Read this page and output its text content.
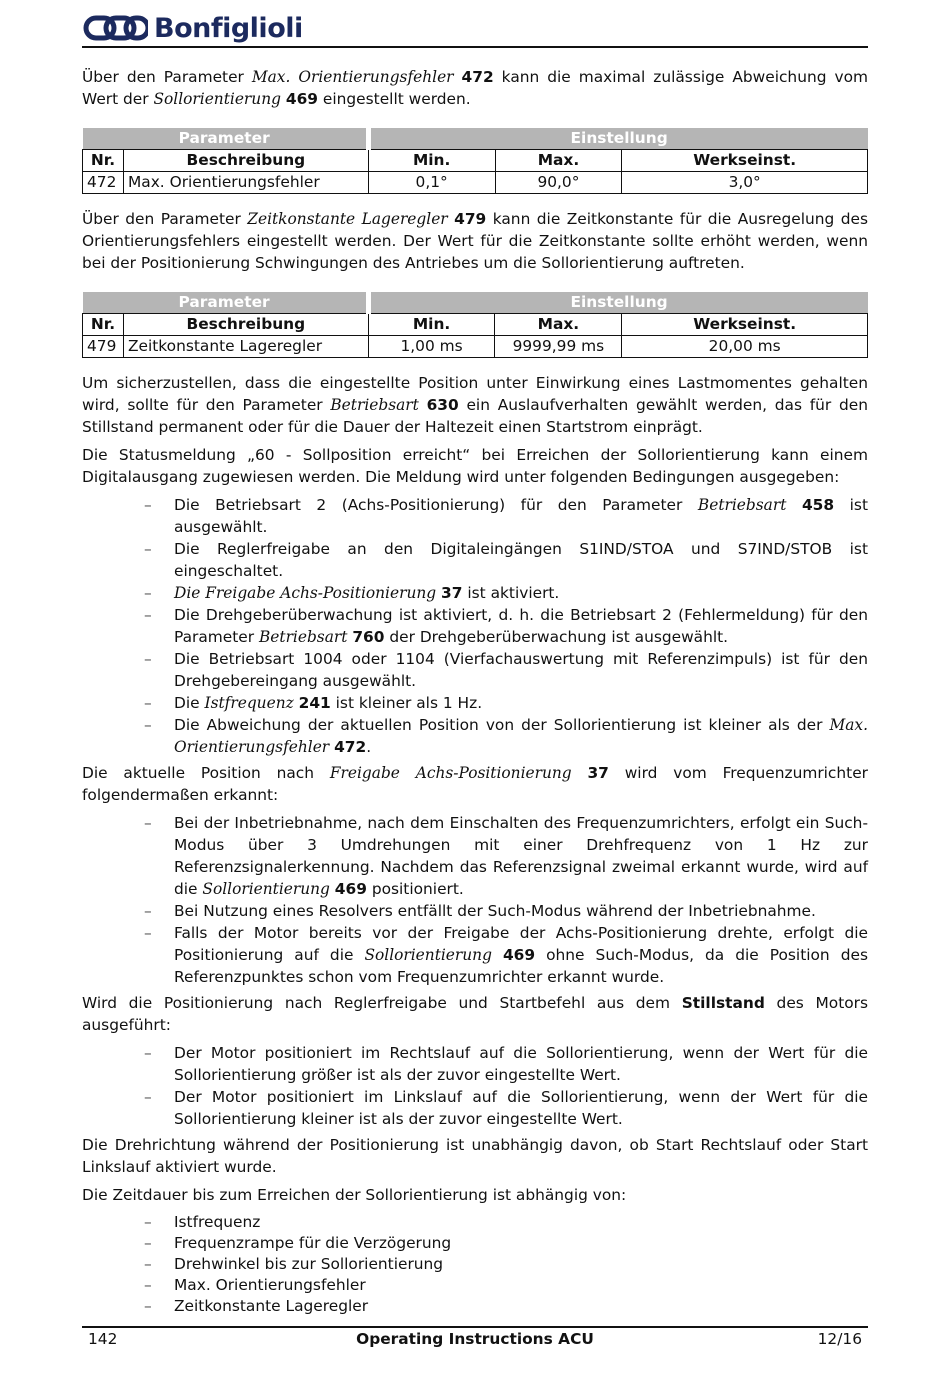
Bonfiglioli

Über den Parameter Max. Orientierungsfehler 472 kann die maximal zulässige Abweichung vom Wert der Sollorientierung 469 eingestellt werden.

Parameter		Einstellung		
Nr.	Beschreibung	Min.	Max.	Werkseinst.
472	Max. Orientierungsfehler	0,1°	90,0°	3,0°

Über den Parameter Zeitkonstante Lageregler 479 kann die Zeitkonstante für die Ausregelung des Orientierungsfehlers eingestellt werden. Der Wert für die Zeitkonstante sollte erhöht werden, wenn bei der Positionierung Schwingungen des Antriebes um die Sollorientierung auftreten.

Parameter		Einstellung		
Nr.	Beschreibung	Min.	Max.	Werkseinst.
479	Zeitkonstante Lageregler	1,00 ms	9999,99 ms	20,00 ms

Um sicherzustellen, dass die eingestellte Position unter Einwirkung eines Lastmomentes gehalten wird, sollte für den Parameter Betriebsart 630 ein Auslaufverhalten gewählt werden, das für den Stillstand permanent oder für die Dauer der Haltezeit einen Startstrom einprägt.

Die Statusmeldung „60 - Sollposition erreicht“ bei Erreichen der Sollorientierung kann einem Digitalausgang zugewiesen werden. Die Meldung wird unter folgenden Bedingungen ausgegeben:

– Die Betriebsart 2 (Achs-Positionierung) für den Parameter Betriebsart 458 ist ausgewählt.
– Die Reglerfreigabe an den Digitaleingängen S1IND/STOA und S7IND/STOB ist eingeschaltet.
– Die Freigabe Achs-Positionierung 37 ist aktiviert.
– Die Drehgeberüberwachung ist aktiviert, d. h. die Betriebsart 2 (Fehlermeldung) für den Parameter Betriebsart 760 der Drehgeberüberwachung ist ausgewählt.
– Die Betriebsart 1004 oder 1104 (Vierfachauswertung mit Referenzimpuls) ist für den Drehgebereingang ausgewählt.
– Die Istfrequenz 241 ist kleiner als 1 Hz.
– Die Abweichung der aktuellen Position von der Sollorientierung ist kleiner als der Max. Orientierungsfehler 472.

Die aktuelle Position nach Freigabe Achs-Positionierung 37 wird vom Frequenzumrichter folgendermaßen erkannt:

– Bei der Inbetriebnahme, nach dem Einschalten des Frequenzumrichters, erfolgt ein Such-Modus über 3 Umdrehungen mit einer Drehfrequenz von 1 Hz zur Referenzsignalerkennung. Nachdem das Referenzsignal zweimal erkannt wurde, wird auf die Sollorientierung 469 positioniert.
– Bei Nutzung eines Resolvers entfällt der Such-Modus während der Inbetriebnahme.
– Falls der Motor bereits vor der Freigabe der Achs-Positionierung drehte, erfolgt die Positionierung auf die Sollorientierung 469 ohne Such-Modus, da die Position des Referenzpunktes schon vom Frequenzumrichter erkannt wurde.

Wird die Positionierung nach Reglerfreigabe und Startbefehl aus dem Stillstand des Motors ausgeführt:

– Der Motor positioniert im Rechtslauf auf die Sollorientierung, wenn der Wert für die Sollorientierung größer ist als der zuvor eingestellte Wert.
– Der Motor positioniert im Linkslauf auf die Sollorientierung, wenn der Wert für die Sollorientierung kleiner ist als der zuvor eingestellte Wert.

Die Drehrichtung während der Positionierung ist unabhängig davon, ob Start Rechtslauf oder Start Linkslauf aktiviert wurde.

Die Zeitdauer bis zum Erreichen der Sollorientierung ist abhängig von:

– Istfrequenz
– Frequenzrampe für die Verzögerung
– Drehwinkel bis zur Sollorientierung
– Max. Orientierungsfehler
– Zeitkonstante Lageregler
142	Operating Instructions ACU	12/16
